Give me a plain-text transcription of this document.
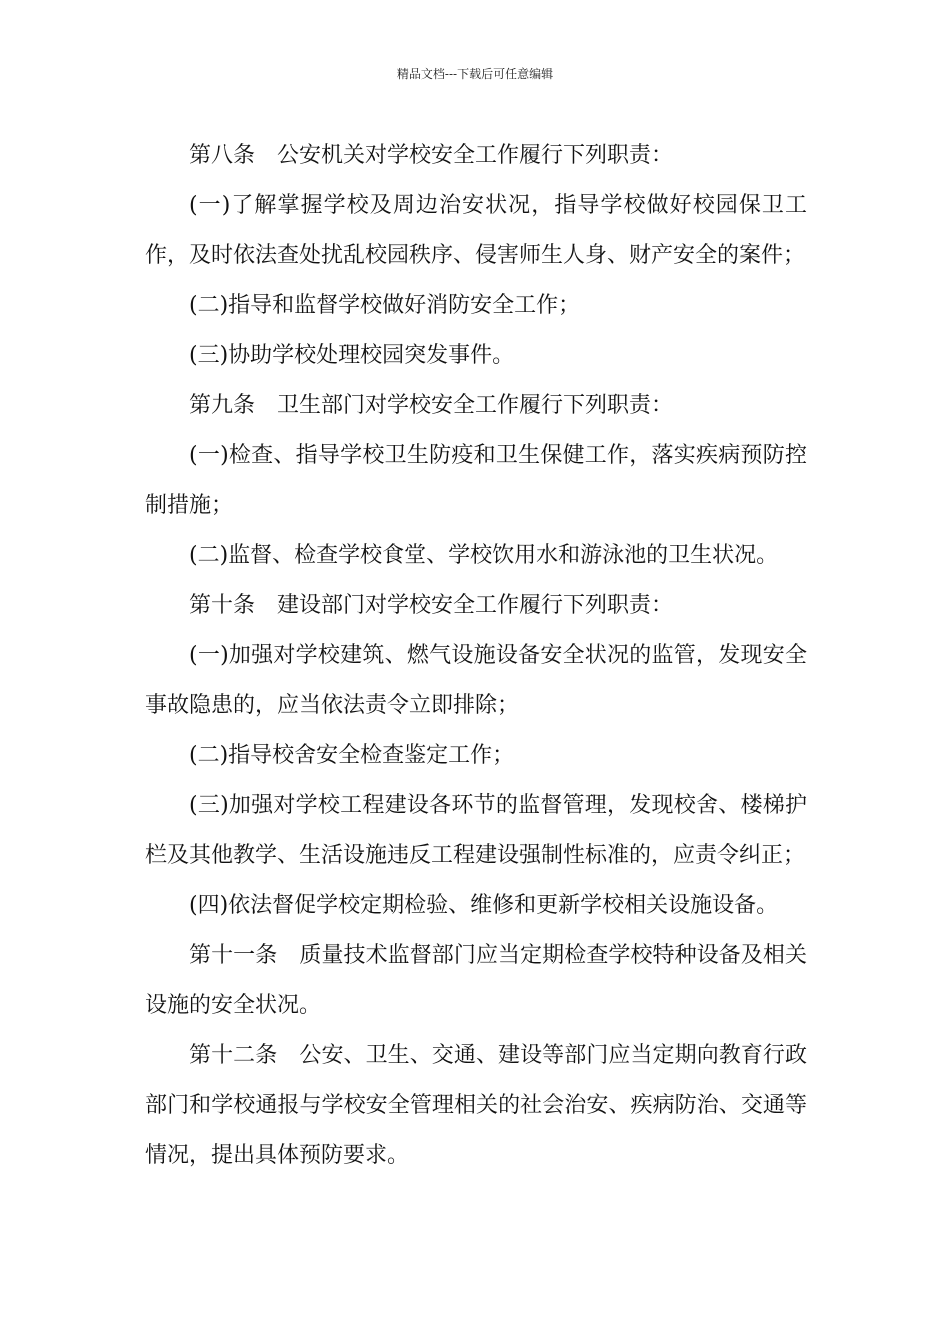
精品文档---下载后可任意编辑

第八条　公安机关对学校安全工作履行下列职责：

(一)了解掌握学校及周边治安状况，指导学校做好校园保卫工作，及时依法查处扰乱校园秩序、侵害师生人身、财产安全的案件；

(二)指导和监督学校做好消防安全工作；

(三)协助学校处理校园突发事件。

第九条　卫生部门对学校安全工作履行下列职责：

(一)检查、指导学校卫生防疫和卫生保健工作，落实疾病预防控制措施；

(二)监督、检查学校食堂、学校饮用水和游泳池的卫生状况。

第十条　建设部门对学校安全工作履行下列职责：

(一)加强对学校建筑、燃气设施设备安全状况的监管，发现安全事故隐患的，应当依法责令立即排除；

(二)指导校舍安全检查鉴定工作；

(三)加强对学校工程建设各环节的监督管理，发现校舍、楼梯护栏及其他教学、生活设施违反工程建设强制性标准的，应责令纠正；

(四)依法督促学校定期检验、维修和更新学校相关设施设备。

第十一条　质量技术监督部门应当定期检查学校特种设备及相关设施的安全状况。

第十二条　公安、卫生、交通、建设等部门应当定期向教育行政部门和学校通报与学校安全管理相关的社会治安、疾病防治、交通等情况，提出具体预防要求。
